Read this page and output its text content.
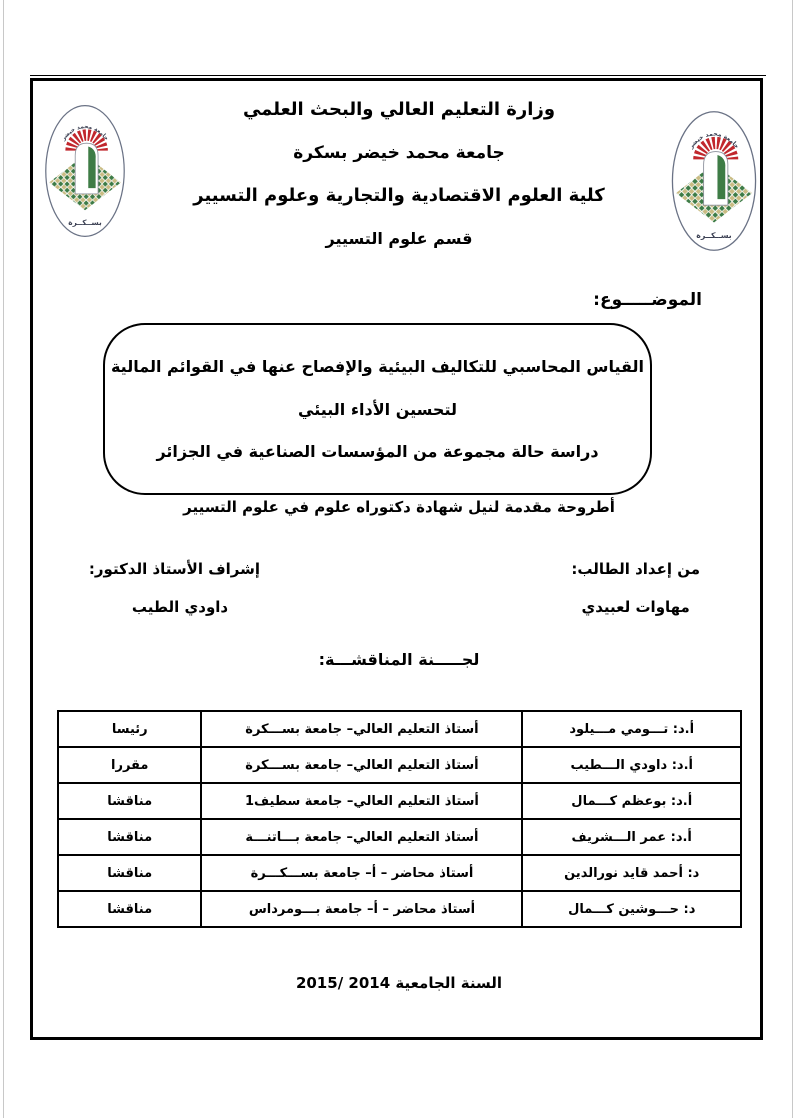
جامعة محمد خيضر
بســكــرة
جامعة محمد خيضر
بســكــرة
وزارة التعليم العالي والبحث العلمي
جامعة محمد خيضر بسكرة
كلية العلوم الاقتصادية والتجارية وعلوم التسيير
قسم علوم التسيير
الموضـــــوع:
القياس المحاسبي للتكاليف البيئية والإفصاح عنها في القوائم المالية
لتحسين الأداء البيئي
دراسة حالة مجموعة من المؤسسات الصناعية في الجزائر
أطروحة مقدمة لنيل شهادة دكتوراه علوم في علوم التسيير
من إعداد الطالب:
مهاوات لعبيدي
إشراف الأستاذ الدكتور:
داودي الطيب
لجـــــنة المناقشـــة:
أ.د: تـــومي مـــيلود	أستاذ التعليم العالي– جامعة بســـكرة	رئيسا
أ.د: داودي الـــطيب	أستاذ التعليم العالي– جامعة بســـكرة	مقررا
أ.د: بوعظم كـــمال	أستاذ التعليم العالي– جامعة سطيف1	مناقشا
أ.د: عمر الـــشريف	أستاذ التعليم العالي– جامعة بـــاتنـــة	مناقشا
د: أحمد قايد نورالدين	أستاذ محاضر – أ– جامعة بســـكـــرة	مناقشا
د: حـــوشين كـــمال	أستاذ محاضر – أ– جامعة بـــومرداس	مناقشا
السنة الجامعية 2014 /2015
